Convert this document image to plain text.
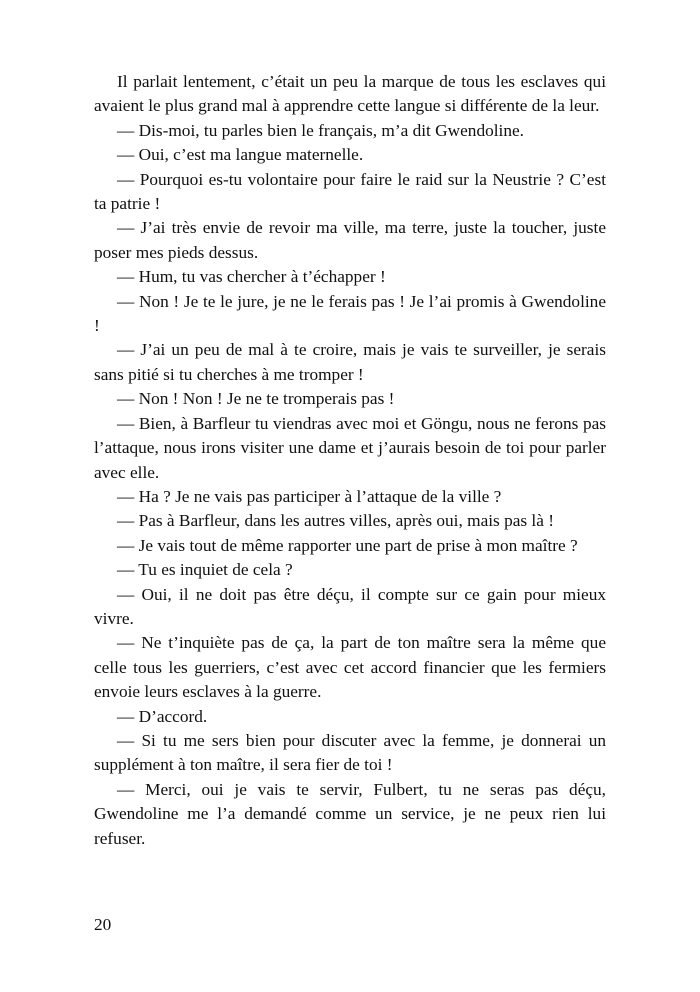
Il parlait lentement, c’était un peu la marque de tous les esclaves qui avaient le plus grand mal à apprendre cette langue si différente de la leur.

— Dis-moi, tu parles bien le français, m’a dit Gwendoline.

— Oui, c’est ma langue maternelle.

— Pourquoi es-tu volontaire pour faire le raid sur la Neustrie ? C’est ta patrie !

— J’ai très envie de revoir ma ville, ma terre, juste la toucher, juste poser mes pieds dessus.

— Hum, tu vas chercher à t’échapper !

— Non ! Je te le jure, je ne le ferais pas ! Je l’ai promis à Gwendoline !

— J’ai un peu de mal à te croire, mais je vais te surveiller, je serais sans pitié si tu cherches à me tromper !

— Non ! Non ! Je ne te tromperais pas !

— Bien, à Barfleur tu viendras avec moi et Göngu, nous ne ferons pas l’attaque, nous irons visiter une dame et j’aurais besoin de toi pour parler avec elle.

— Ha ? Je ne vais pas participer à l’attaque de la ville ?

— Pas à Barfleur, dans les autres villes, après oui, mais pas là !

— Je vais tout de même rapporter une part de prise à mon maître ?

— Tu es inquiet de cela ?

— Oui, il ne doit pas être déçu, il compte sur ce gain pour mieux vivre.

— Ne t’inquiète pas de ça, la part de ton maître sera la même que celle tous les guerriers, c’est avec cet accord financier que les fermiers envoie leurs esclaves à la guerre.

— D’accord.

— Si tu me sers bien pour discuter avec la femme, je donnerai un supplément à ton maître, il sera fier de toi !

— Merci, oui je vais te servir, Fulbert, tu ne seras pas déçu, Gwendoline me l’a demandé comme un service, je ne peux rien lui refuser.

20
